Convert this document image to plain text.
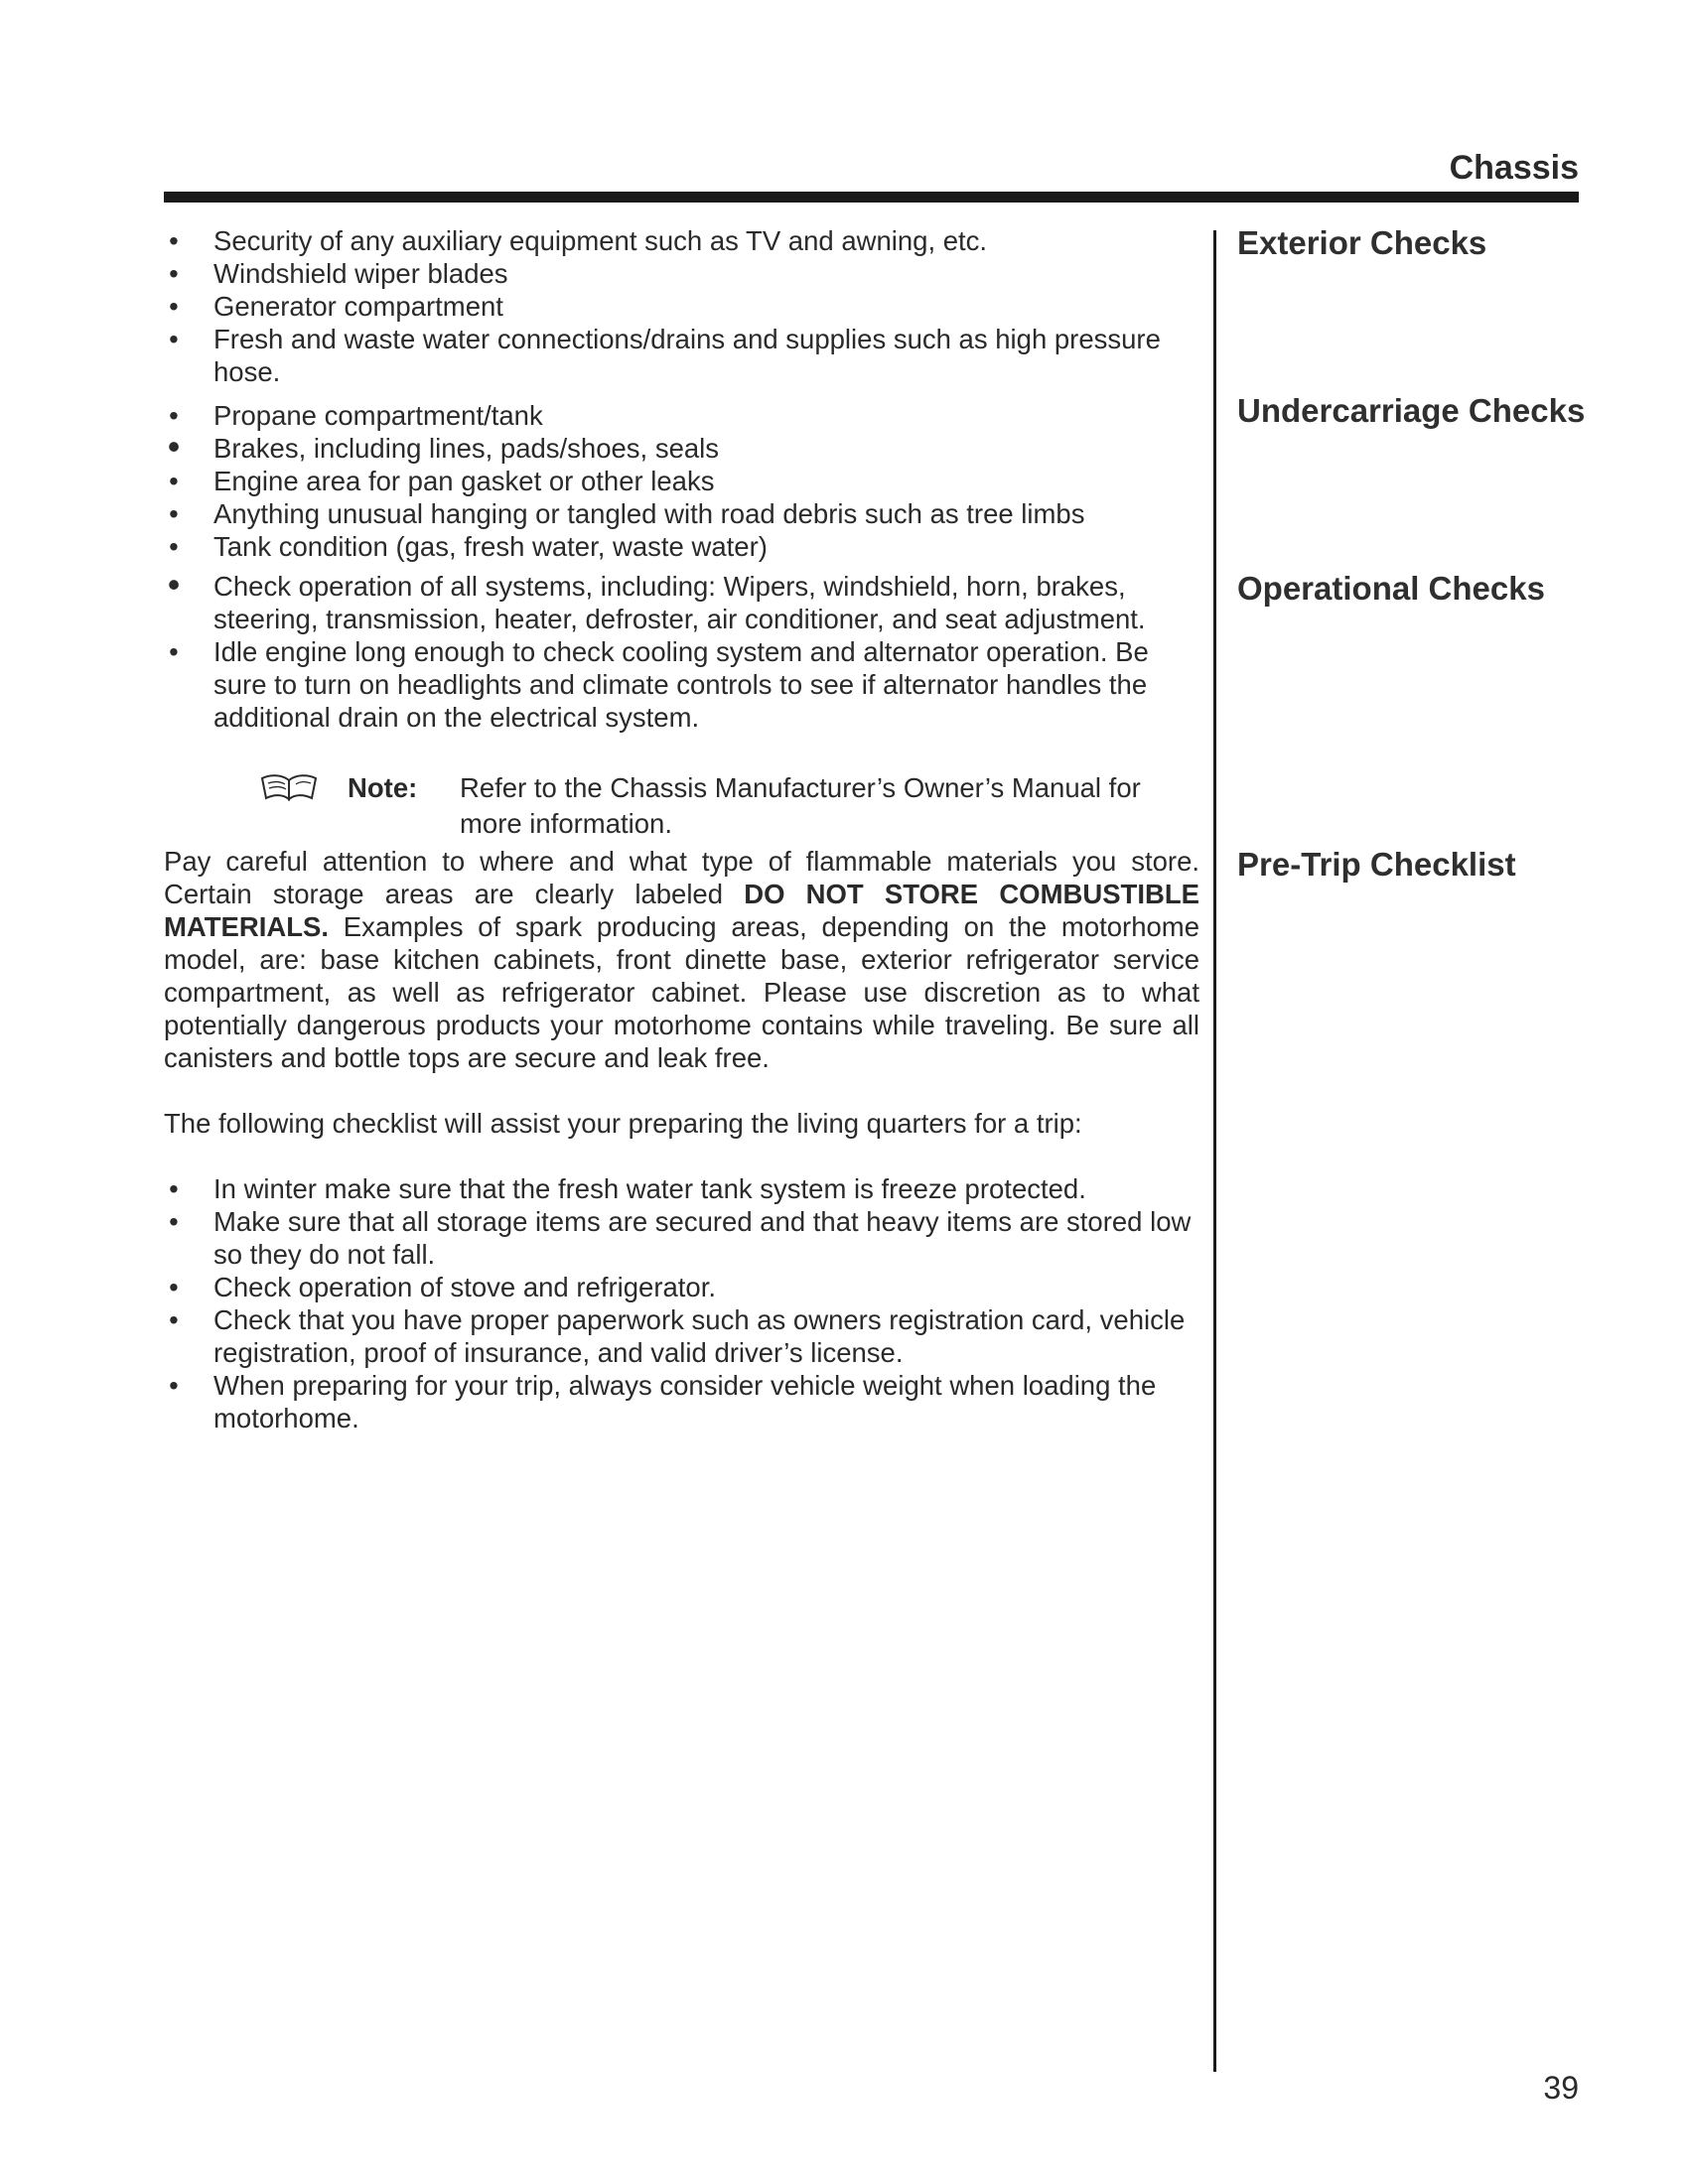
Chassis
Exterior Checks
Undercarriage Checks
Operational Checks
Pre-Trip Checklist
• Security of any auxiliary equipment such as TV and awning, etc.
• Windshield wiper blades
• Generator compartment
• Fresh and waste water connections/drains and supplies such as high pressure hose.
• Propane compartment/tank
• Brakes, including lines, pads/shoes, seals
• Engine area for pan gasket or other leaks
• Anything unusual hanging or tangled with road debris such as tree limbs
• Tank condition (gas, fresh water, waste water)
• Check operation of all systems, including: Wipers, windshield, horn, brakes, steering, transmission, heater, defroster, air conditioner, and seat adjustment.
• Idle engine long enough to check cooling system and alternator operation. Be sure to turn on headlights and climate controls to see if alternator handles the additional drain on the electrical system.
Note: Refer to the Chassis Manufacturer’s Owner’s Manual for more information.

Pay careful attention to where and what type of flammable materials you store. Certain storage areas are clearly labeled DO NOT STORE COMBUSTIBLE MATERIALS. Examples of spark producing areas, depending on the motorhome model, are: base kitchen cabinets, front dinette base, exterior refrigerator service compartment, as well as refrigerator cabinet. Please use discretion as to what potentially dangerous products your motorhome contains while traveling. Be sure all canisters and bottle tops are secure and leak free.

The following checklist will assist your preparing the living quarters for a trip:

• In winter make sure that the fresh water tank system is freeze protected.
• Make sure that all storage items are secured and that heavy items are stored low so they do not fall.
• Check operation of stove and refrigerator.
• Check that you have proper paperwork such as owners registration card, vehicle registration, proof of insurance, and valid driver’s license.
• When preparing for your trip, always consider vehicle weight when loading the motorhome.
39
